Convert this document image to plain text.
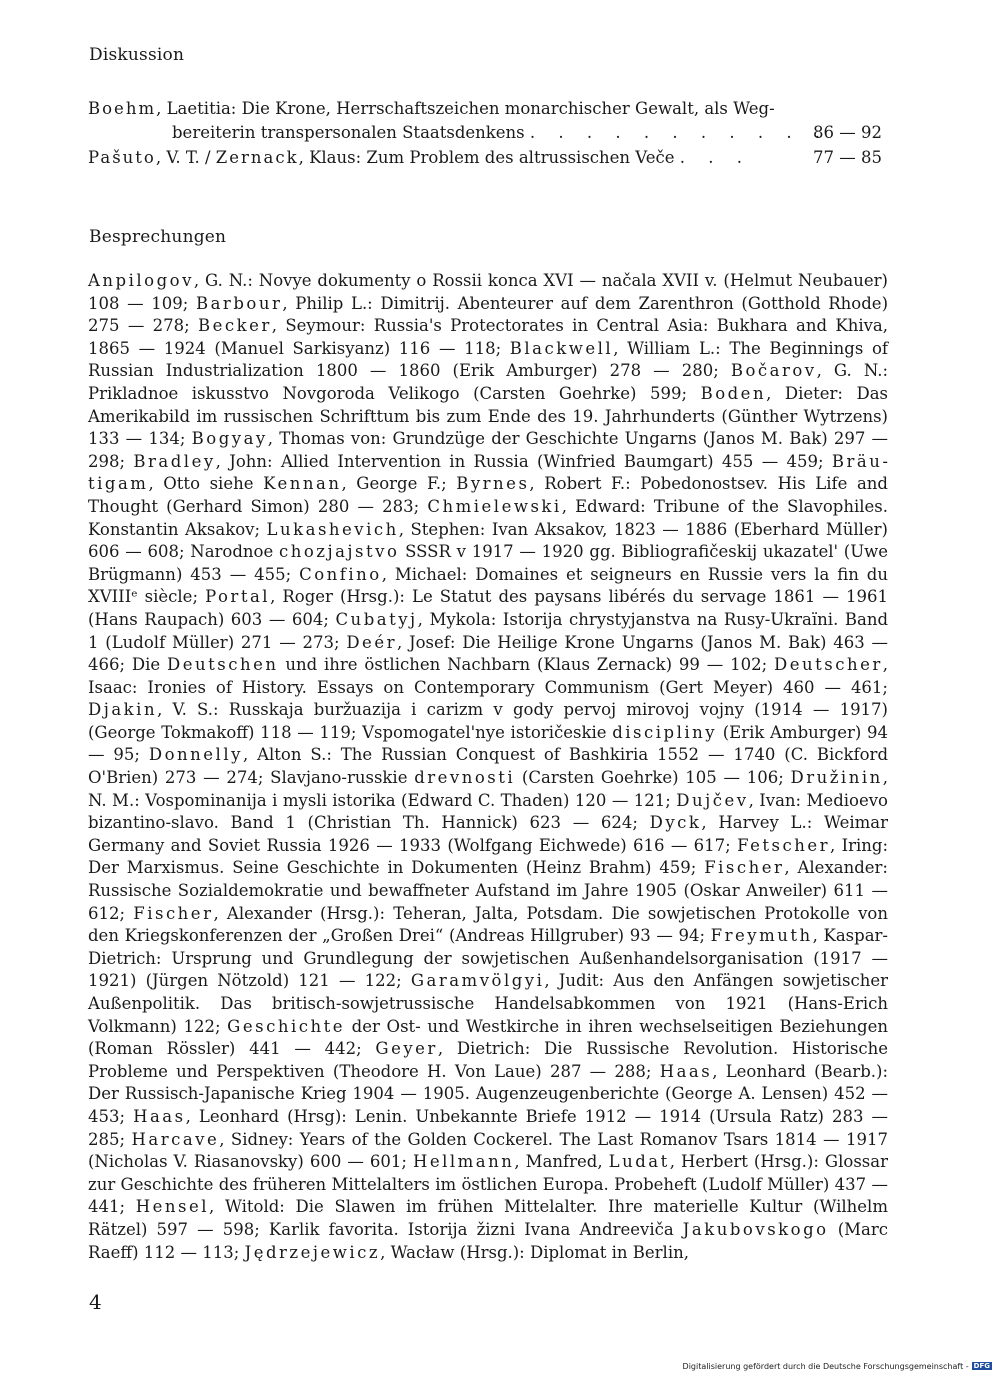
Diskussion
Boehm, Laetitia: Die Krone, Herrschaftszeichen monarchischer Gewalt, als Weg-
bereiterin transpersonalen Staatsdenkens . . . . . . . . . . .
86 — 92
Pašuto, V. T. / Zernack, Klaus: Zum Problem des altrussischen Veče . . .	77 — 85
Besprechungen

Anpilogov, G. N.: Novye dokumenty o Rossii konca XVI — načala XVII v. (Helmut Neubauer) 108 — 109; Barbour, Philip L.: Dimitrij. Abenteurer auf dem Zarenthron (Gotthold Rhode) 275 — 278; Becker, Seymour: Russia's Protectorates in Central Asia: Bukhara and Khiva, 1865 — 1924 (Manuel Sarkisyanz) 116 — 118; Blackwell, William L.: The Beginnings of Russian Industrialization 1800 — 1860 (Erik Amburger) 278 — 280; Bočarov, G. N.: Prikladnoe iskusstvo Novgoroda Velikogo (Carsten Goehrke) 599; Boden, Dieter: Das Amerikabild im russischen Schrifttum bis zum Ende des 19. Jahrhunderts (Günther Wytrzens) 133 — 134; Bogyay, Thomas von: Grundzüge der Geschichte Ungarns (Janos M. Bak) 297 — 298; Bradley, John: Allied Intervention in Russia (Winfried Baumgart) 455 — 459; Bräutigam, Otto siehe Kennan, George F.; Byrnes, Robert F.: Pobedonostsev. His Life and Thought (Gerhard Simon) 280 — 283; Chmielewski, Edward: Tribune of the Slavophiles. Konstantin Aksakov; Lukashevich, Stephen: Ivan Aksakov, 1823 — 1886 (Eberhard Müller) 606 — 608; Narodnoe chozjajstvo SSSR v 1917 — 1920 gg. Bibliografičeskij ukazatel' (Uwe Brügmann) 453 — 455; Confino, Michael: Domaines et seigneurs en Russie vers la fin du XVIIIᵉ siècle; Portal, Roger (Hrsg.): Le Statut des paysans libérés du servage 1861 — 1961 (Hans Raupach) 603 — 604; Cubatyj, Mykola: Istorija chrystyjanstva na Rusy-Ukraïni. Band 1 (Ludolf Müller) 271 — 273; Deér, Josef: Die Heilige Krone Ungarns (Janos M. Bak) 463 — 466; Die Deutschen und ihre östlichen Nachbarn (Klaus Zernack) 99 — 102; Deutscher, Isaac: Ironies of History. Essays on Contemporary Communism (Gert Meyer) 460 — 461; Djakin, V. S.: Russkaja buržuazija i carizm v gody pervoj mirovoj vojny (1914 — 1917) (George Tokmakoff) 118 — 119; Vspomogatel'nye istoričeskie discipliny (Erik Amburger) 94 — 95; Donnelly, Alton S.: The Russian Conquest of Bashkiria 1552 — 1740 (C. Bickford O'Brien) 273 — 274; Slavjano-russkie drevnosti (Carsten Goehrke) 105 — 106; Družinin, N. M.: Vospominanija i mysli istorika (Edward C. Thaden) 120 — 121; Dujčev, Ivan: Medioevo bizantino-slavo. Band 1 (Christian Th. Hannick) 623 — 624; Dyck, Harvey L.: Weimar Germany and Soviet Russia 1926 — 1933 (Wolfgang Eichwede) 616 — 617; Fetscher, Iring: Der Marxismus. Seine Geschichte in Dokumenten (Heinz Brahm) 459; Fischer, Alexander: Russische Sozialdemokratie und bewaffneter Aufstand im Jahre 1905 (Oskar Anweiler) 611 — 612; Fischer, Alexander (Hrsg.): Teheran, Jalta, Potsdam. Die sowjetischen Protokolle von den Kriegskonferenzen der „Großen Drei“ (Andreas Hillgruber) 93 — 94; Freymuth, Kaspar-Dietrich: Ursprung und Grundlegung der sowjetischen Außenhandelsorganisation (1917 — 1921) (Jürgen Nötzold) 121 — 122; Garamvölgyi, Judit: Aus den Anfängen sowjetischer Außenpolitik. Das britisch-sowjetrussische Handelsabkommen von 1921 (Hans-Erich Volkmann) 122; Geschichte der Ost- und Westkirche in ihren wechselseitigen Beziehungen (Roman Rössler) 441 — 442; Geyer, Dietrich: Die Russische Revolution. Historische Probleme und Perspektiven (Theodore H. Von Laue) 287 — 288; Haas, Leonhard (Bearb.): Der Russisch-Japanische Krieg 1904 — 1905. Augenzeugenberichte (George A. Lensen) 452 — 453; Haas, Leonhard (Hrsg): Lenin. Unbekannte Briefe 1912 — 1914 (Ursula Ratz) 283 — 285; Harcave, Sidney: Years of the Golden Cockerel. The Last Romanov Tsars 1814 — 1917 (Nicholas V. Riasanovsky) 600 — 601; Hellmann, Manfred, Ludat, Herbert (Hrsg.): Glossar zur Geschichte des früheren Mittelalters im östlichen Europa. Probeheft (Ludolf Müller) 437 — 441; Hensel, Witold: Die Slawen im frühen Mittelalter. Ihre materielle Kultur (Wilhelm Rätzel) 597 — 598; Karlik favorita. Istorija žizni Ivana Andreeviča Jakubovskogo (Marc Raeff) 112 — 113; Jędrzejewicz, Wacław (Hrsg.): Diplomat in Berlin,

4
Digitalisierung gefördert durch die Deutsche Forschungsgemeinschaft - DFG
